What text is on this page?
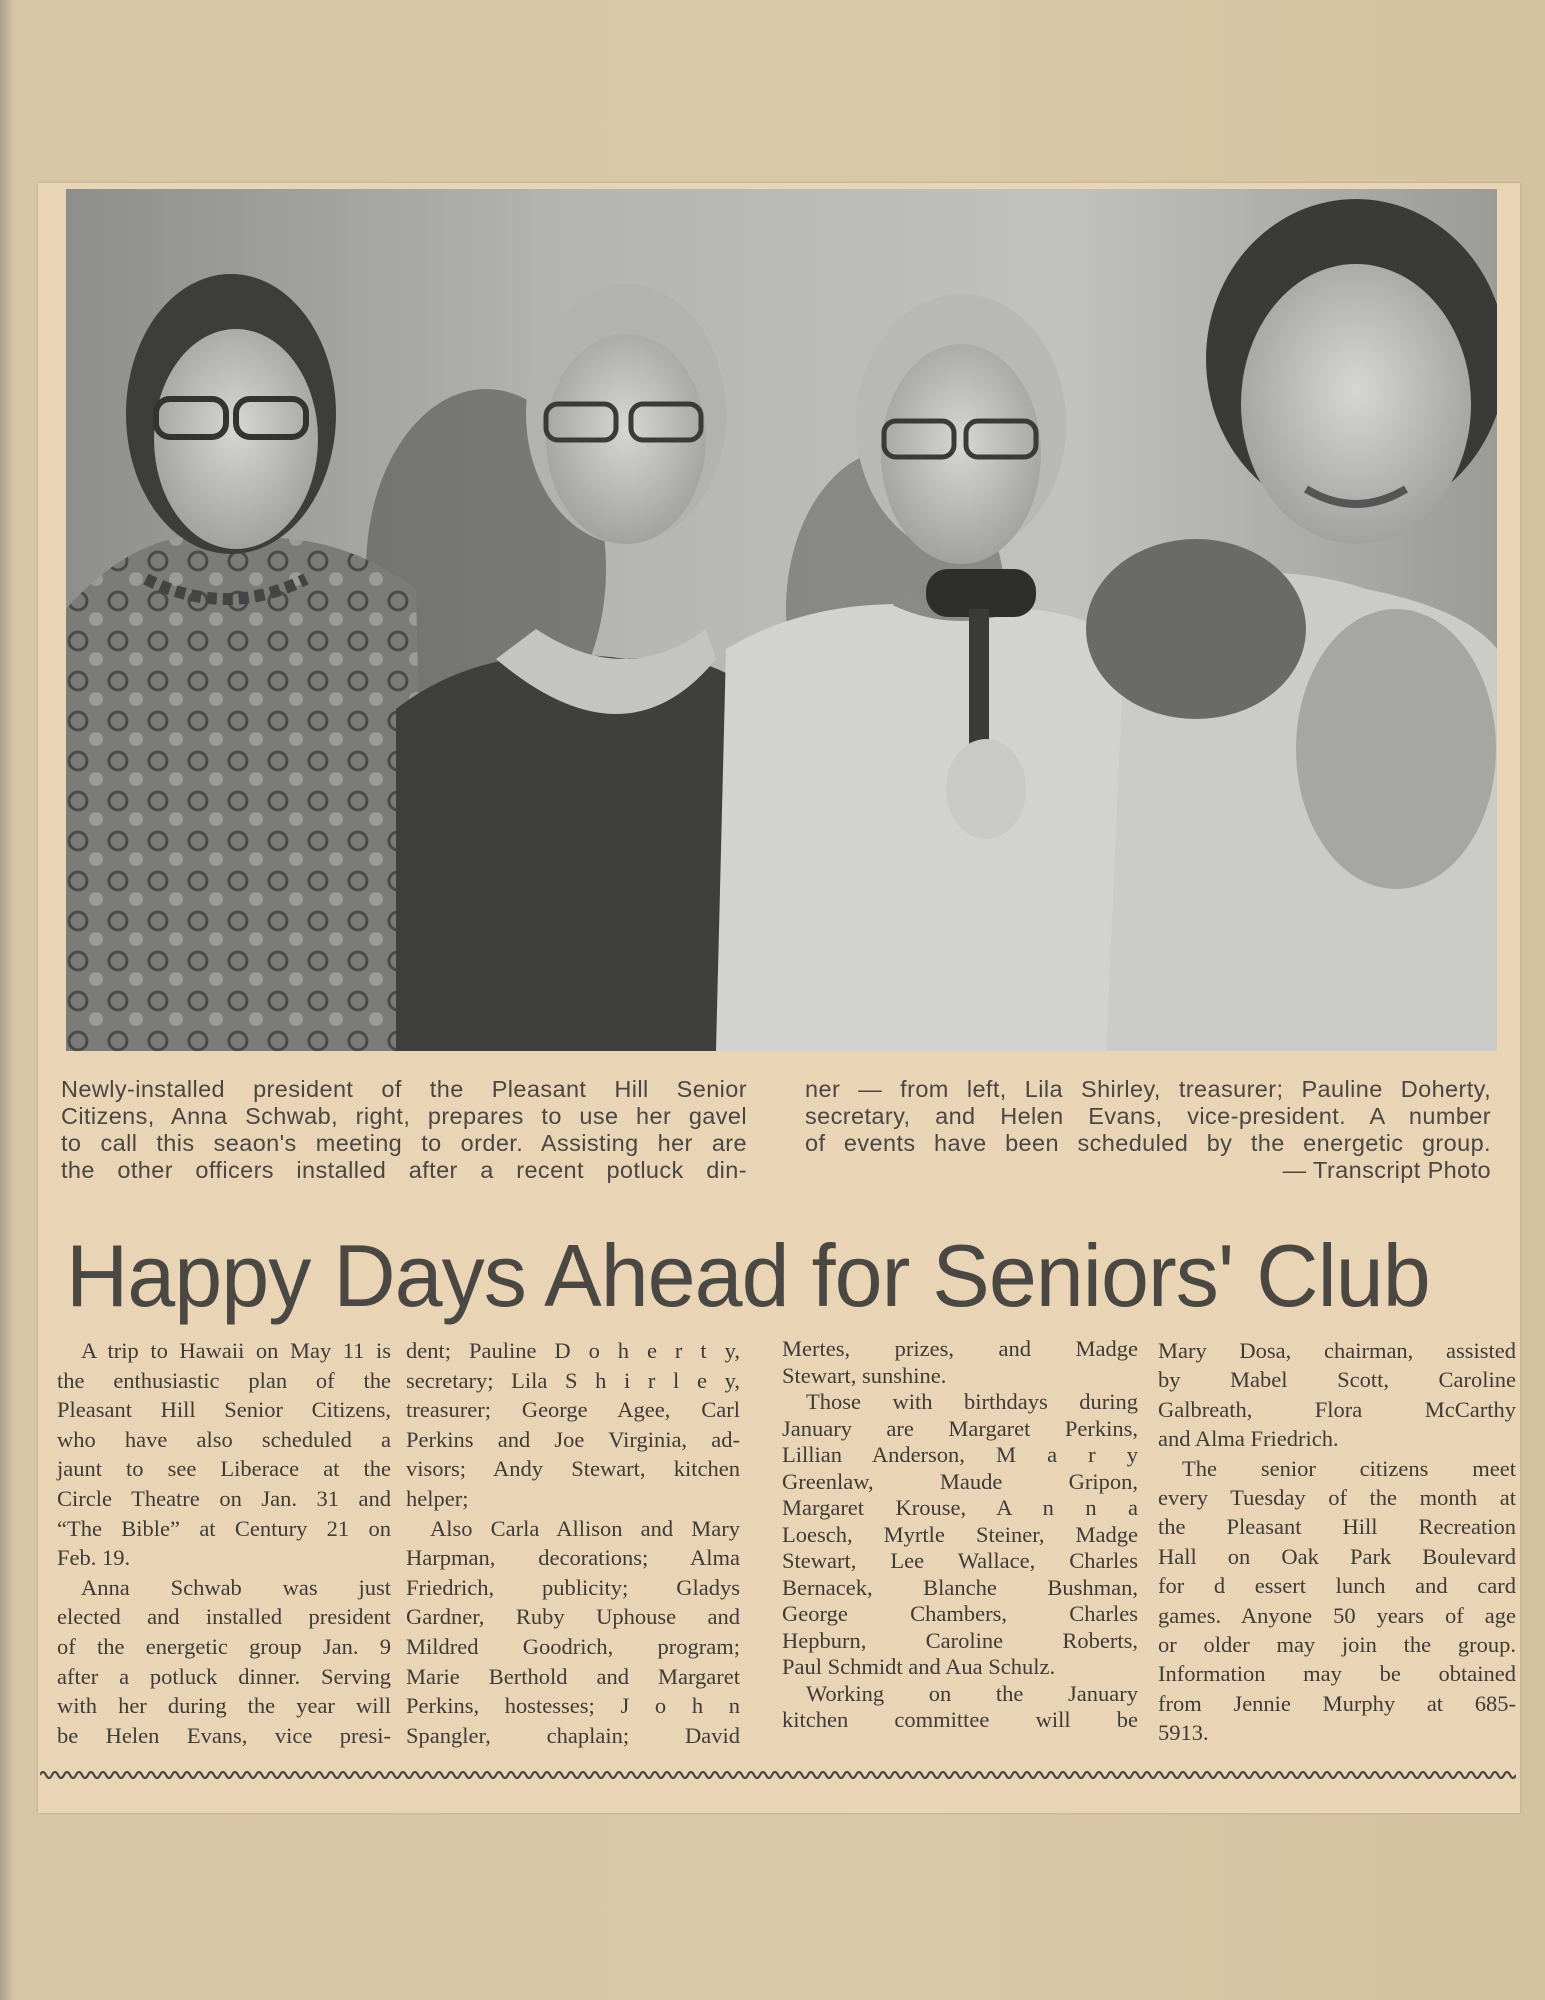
Newly-installed president of the Pleasant Hill Senior
Citizens, Anna Schwab, right, prepares to use her gavel
to call this seaon's meeting to order. Assisting her are
the other officers installed after a recent potluck din-
ner — from left, Lila Shirley, treasurer; Pauline Doherty,
secretary, and Helen Evans, vice-president. A number
of events have been scheduled by the energetic group.
— Transcript Photo
Happy Days Ahead for Seniors' Club
A trip to Hawaii on May 11 is
the enthusiastic plan of the
Pleasant Hill Senior Citizens,
who have also scheduled a
jaunt to see Liberace at the
Circle Theatre on Jan. 31 and
“The Bible” at Century 21 on
Feb. 19.
Anna Schwab was just
elected and installed president
of the energetic group Jan. 9
after a potluck dinner. Serving
with her during the year will
be Helen Evans, vice presi-
dent; Pauline D o h e r t y,
secretary; Lila S h i r l e y,
treasurer; George Agee, Carl
Perkins and Joe Virginia, ad-
visors; Andy Stewart, kitchen
helper;
Also Carla Allison and Mary
Harpman, decorations; Alma
Friedrich, publicity; Gladys
Gardner, Ruby Uphouse and
Mildred Goodrich, program;
Marie Berthold and Margaret
Perkins, hostesses; J o h n
Spangler, chaplain; David
Mertes, prizes, and Madge
Stewart, sunshine.
Those with birthdays during
January are Margaret Perkins,
Lillian Anderson, M a r y
Greenlaw, Maude Gripon,
Margaret Krouse, A n n a
Loesch, Myrtle Steiner, Madge
Stewart, Lee Wallace, Charles
Bernacek, Blanche Bushman,
George Chambers, Charles
Hepburn, Caroline Roberts,
Paul Schmidt and Aua Schulz.
Working on the January
kitchen committee will be
Mary Dosa, chairman, assisted
by Mabel Scott, Caroline
Galbreath, Flora McCarthy
and Alma Friedrich.
The senior citizens meet
every Tuesday of the month at
the Pleasant Hill Recreation
Hall on Oak Park Boulevard
for d essert lunch and card
games. Anyone 50 years of age
or older may join the group.
Information may be obtained
from Jennie Murphy at 685-
5913.
